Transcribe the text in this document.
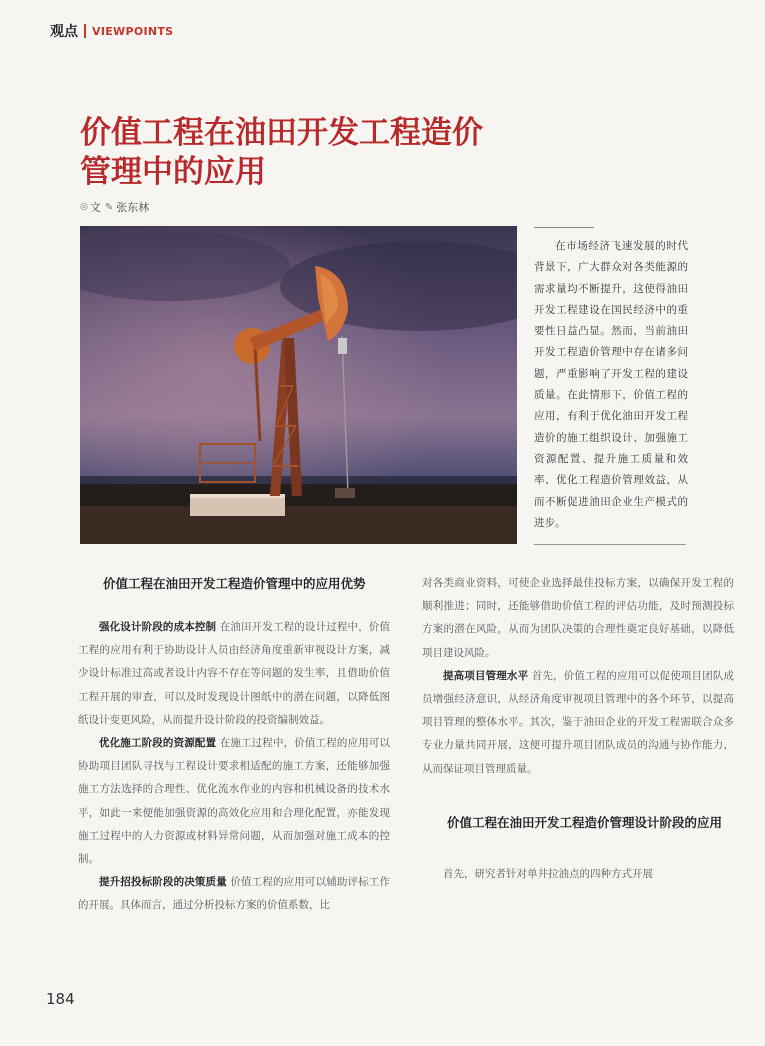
观点 VIEWPOINTS
价值工程在油田开发工程造价
管理中的应用
◎ 文 ✎ 张东林

在市场经济飞速发展的时代背景下，广大群众对各类能源的需求量均不断提升，这使得油田开发工程建设在国民经济中的重要性日益凸显。然而，当前油田开发工程造价管理中存在诸多问题，严重影响了开发工程的建设质量。在此情形下，价值工程的应用，有利于优化油田开发工程造价的施工组织设计、加强施工资源配置、提升施工质量和效率、优化工程造价管理效益，从而不断促进油田企业生产模式的进步。

价值工程在油田开发工程造价管理中的应用优势

强化设计阶段的成本控制 在油田开发工程的设计过程中，价值工程的应用有利于协助设计人员由经济角度重新审视设计方案，减少设计标准过高或者设计内容不存在等问题的发生率，且借助价值工程开展的审查，可以及时发现设计图纸中的潜在问题，以降低图纸设计变更风险，从而提升设计阶段的投资编制效益。

优化施工阶段的资源配置 在施工过程中，价值工程的应用可以协助项目团队寻找与工程设计要求相适配的施工方案，还能够加强施工方法选择的合理性、优化流水作业的内容和机械设备的技术水平，如此一来便能加强资源的高效化应用和合理化配置，亦能发现施工过程中的人力资源或材料异常问题，从而加强对施工成本的控制。

提升招投标阶段的决策质量 价值工程的应用可以辅助评标工作的开展。具体而言，通过分析投标方案的价值系数，比

对各类商业资料，可使企业选择最佳投标方案，以确保开发工程的顺利推进；同时，还能够借助价值工程的评估功能，及时预测投标方案的潜在风险，从而为团队决策的合理性奠定良好基础，以降低项目建设风险。

提高项目管理水平 首先，价值工程的应用可以促使项目团队成员增强经济意识，从经济角度审视项目管理中的各个环节，以提高项目管理的整体水平。其次，鉴于油田企业的开发工程需联合众多专业力量共同开展，这便可提升项目团队成员的沟通与协作能力，从而保证项目管理质量。

价值工程在油田开发工程造价管理设计阶段的应用

首先，研究者针对单井拉油点的四种方式开展

184
